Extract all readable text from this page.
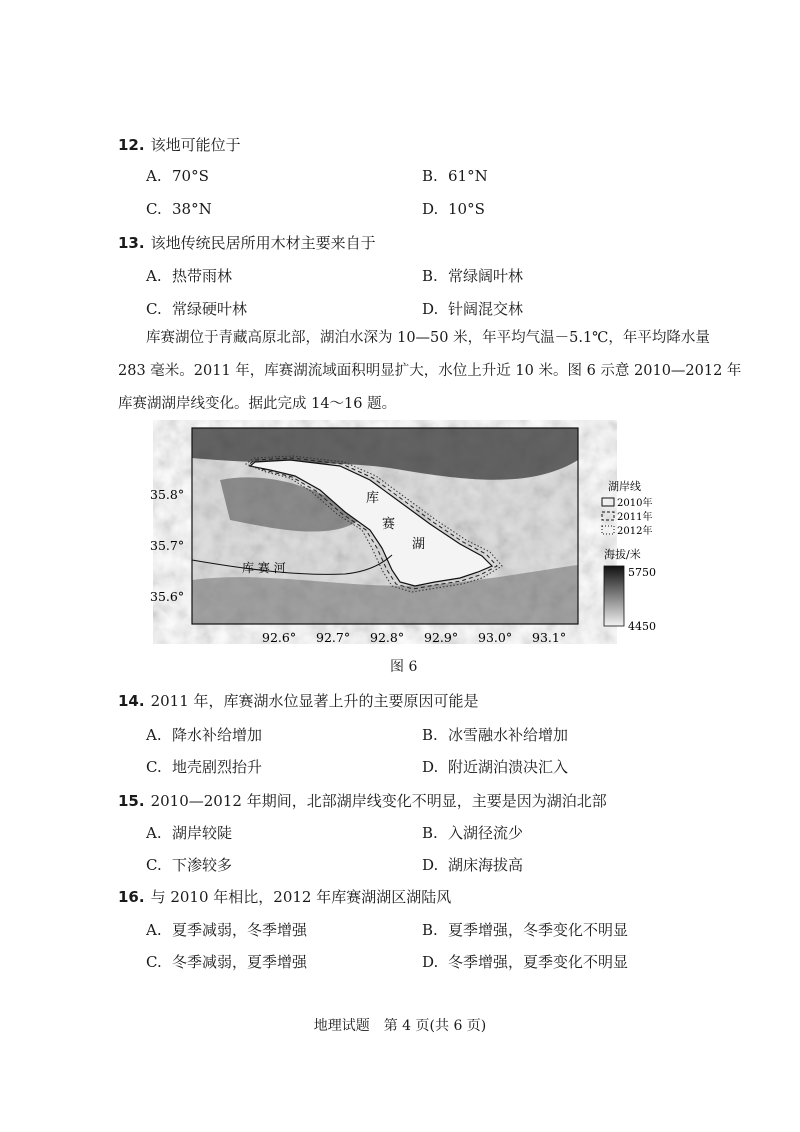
12. 该地可能位于
A. 70°S	B. 61°N
C. 38°N	D. 10°S
13. 该地传统民居所用木材主要来自于
A. 热带雨林	B. 常绿阔叶林
C. 常绿硬叶林	D. 针阔混交林
库赛湖位于青藏高原北部，湖泊水深为 10—50 米，年平均气温－5.1℃，年平均降水量
283 毫米。2011 年，库赛湖流域面积明显扩大，水位上升近 10 米。图 6 示意 2010—2012 年
库赛湖湖岸线变化。据此完成 14～16 题。
库
赛
湖
库 赛 河
35.8°
35.7°
35.6°
92.6° 92.7° 92.8° 92.9° 93.0° 93.1°
湖岸线
2010年
2011年
2012年
海拔/米
5750
4450
图 6
14. 2011 年，库赛湖水位显著上升的主要原因可能是
A. 降水补给增加	B. 冰雪融水补给增加
C. 地壳剧烈抬升	D. 附近湖泊溃决汇入
15. 2010—2012 年期间，北部湖岸线变化不明显，主要是因为湖泊北部
A. 湖岸较陡	B. 入湖径流少
C. 下渗较多	D. 湖床海拔高
16. 与 2010 年相比，2012 年库赛湖湖区湖陆风
A. 夏季减弱，冬季增强	B. 夏季增强，冬季变化不明显
C. 冬季减弱，夏季增强	D. 冬季增强，夏季变化不明显
地理试题　第 4 页(共 6 页)
